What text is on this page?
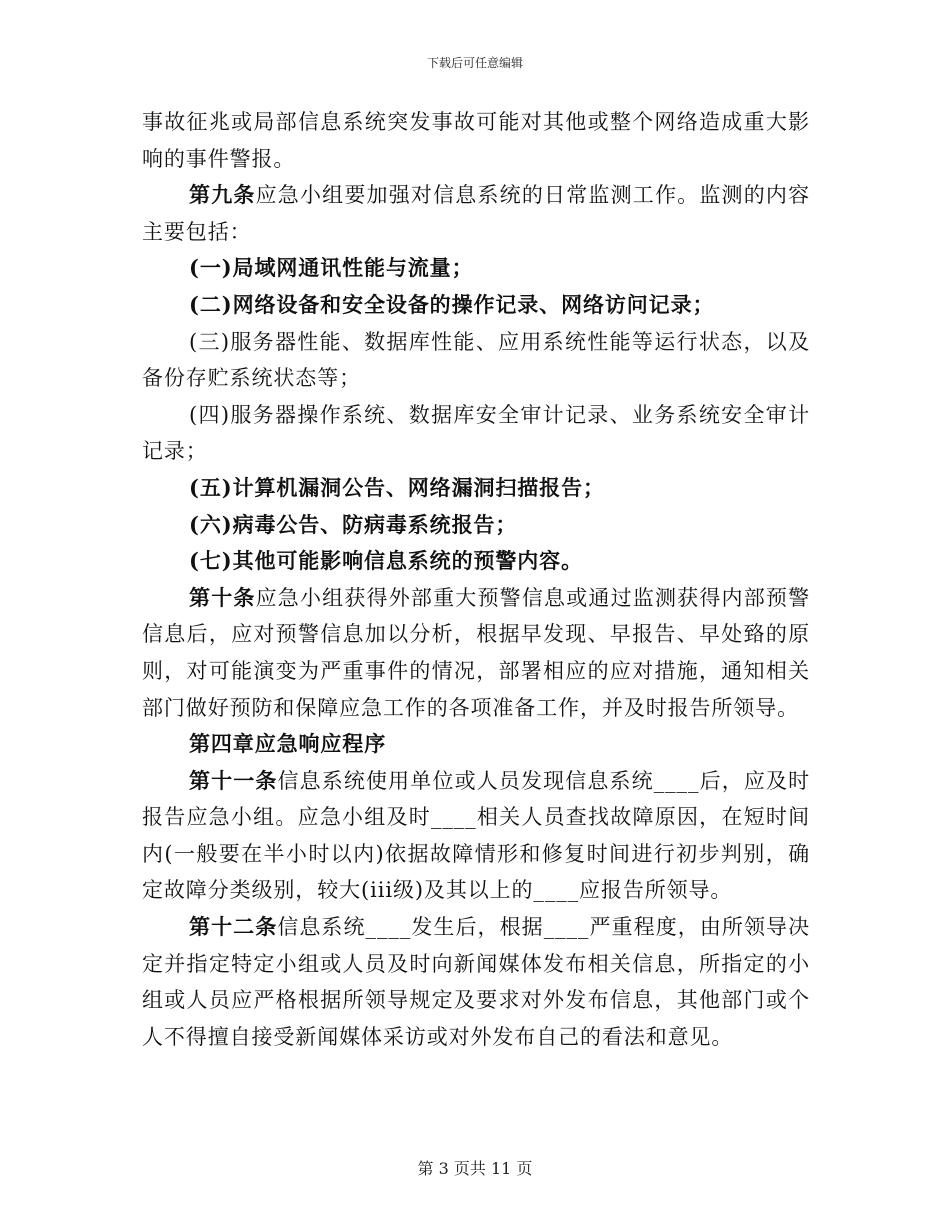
下载后可任意编辑

事故征兆或局部信息系统突发事故可能对其他或整个网络造成重大影响的事件警报。

第九条应急小组要加强对信息系统的日常监测工作。监测的内容主要包括：

(一)局域网通讯性能与流量；

(二)网络设备和安全设备的操作记录、网络访问记录；

(三)服务器性能、数据库性能、应用系统性能等运行状态，以及备份存贮系统状态等；

(四)服务器操作系统、数据库安全审计记录、业务系统安全审计记录；

(五)计算机漏洞公告、网络漏洞扫描报告；

(六)病毒公告、防病毒系统报告；

(七)其他可能影响信息系统的预警内容。

第十条应急小组获得外部重大预警信息或通过监测获得内部预警信息后，应对预警信息加以分析，根据早发现、早报告、早处臵的原则，对可能演变为严重事件的情况，部署相应的应对措施，通知相关部门做好预防和保障应急工作的各项准备工作，并及时报告所领导。

第四章应急响应程序

第十一条信息系统使用单位或人员发现信息系统____后，应及时报告应急小组。应急小组及时____相关人员查找故障原因，在短时间内(一般要在半小时以内)依据故障情形和修复时间进行初步判别，确定故障分类级别，较大(iii级)及其以上的____应报告所领导。

第十二条信息系统____发生后，根据____严重程度，由所领导决定并指定特定小组或人员及时向新闻媒体发布相关信息，所指定的小组或人员应严格根据所领导规定及要求对外发布信息，其他部门或个人不得擅自接受新闻媒体采访或对外发布自己的看法和意见。

第 3 页共 11 页
